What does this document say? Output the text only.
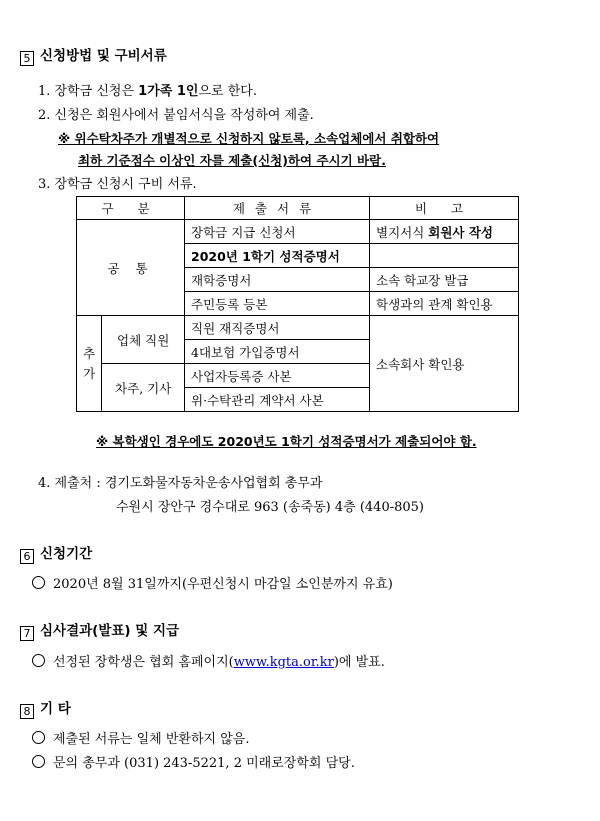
5 신청방법 및 구비서류
1. 장학금 신청은 1가족 1인으로 한다.
2. 신청은 회원사에서 붙임서식을 작성하여 제출.
※ 위수탁차주가 개별적으로 신청하지 않토록, 소속업체에서 취합하여
최하 기준점수 이상인 자를 제출(신청)하여 주시기 바람.
3. 장학금 신청시 구비 서류.
구 분		제출서류	비 고
공 통		장학금 지급 신청서	별지서식 회원사 작성
		2020년 1학기 성적증명서	
		재학증명서	소속 학교장 발급
		주민등록 등본	학생과의 관계 확인용
추
가	업체 직원	직원 재직증명서	소속회사 확인용
		4대보험 가입증명서	
	차주, 기사	사업자등록증 사본	
		위·수탁관리 계약서 사본	
※ 복학생인 경우에도 2020년도 1학기 성적증명서가 제출되어야 함.
4. 제출처 : 경기도화물자동차운송사업협회 총무과
수원시 장안구 경수대로 963 (송죽동) 4층 (440-805)
6 신청기간
2020년 8월 31일까지(우편신청시 마감일 소인분까지 유효)
7 심사결과(발표) 및 지급
선정된 장학생은 협회 홈페이지(www.kgta.or.kr)에 발표.
8 기 타
제출된 서류는 일체 반환하지 않음.
문의 총무과 (031) 243-5221, 2 미래로장학회 담당.
